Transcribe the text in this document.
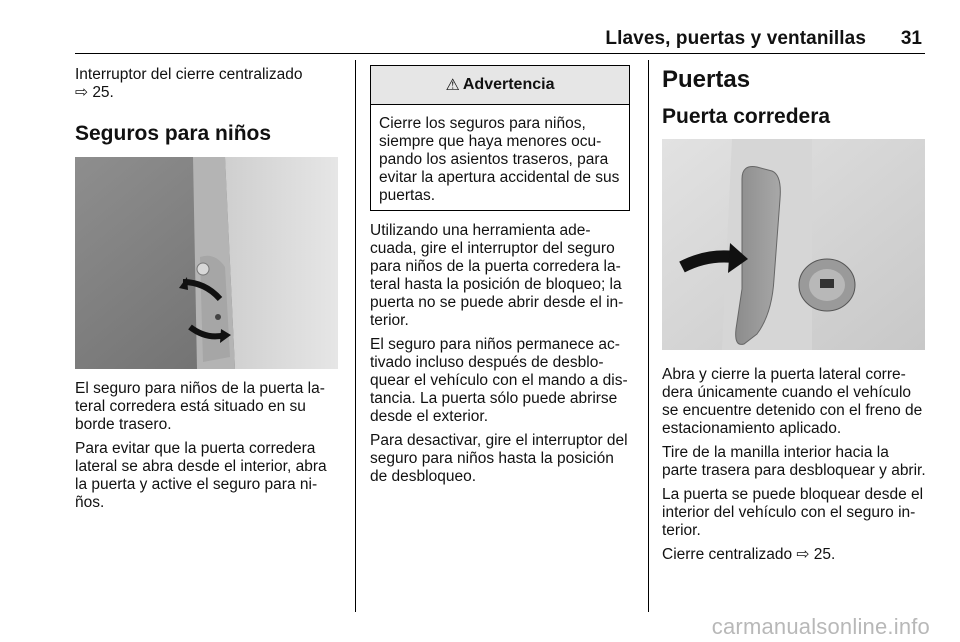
Llaves, puertas y ventanillas 31
Interruptor del cierre centralizado
⇨ 25.
Seguros para niños

El seguro para niños de la puerta la- teral corredera está situado en su borde trasero.

Para evitar que la puerta corredera lateral se abra desde el interior, abra la puerta y active el seguro para ni- ños.

⚠ Advertencia
Cierre los seguros para niños, siempre que haya menores ocu- pando los asientos traseros, para evitar la apertura accidental de sus puertas.

Utilizando una herramienta ade- cuada, gire el interruptor del seguro para niños de la puerta corredera la- teral hasta la posición de bloqueo; la puerta no se puede abrir desde el in- terior.

El seguro para niños permanece ac- tivado incluso después de desblo- quear el vehículo con el mando a dis- tancia. La puerta sólo puede abrirse desde el exterior.

Para desactivar, gire el interruptor del seguro para niños hasta la posición de desbloqueo.

Puertas
Puerta corredera

Abra y cierre la puerta lateral corre- dera únicamente cuando el vehículo se encuentre detenido con el freno de estacionamiento aplicado.

Tire de la manilla interior hacia la parte trasera para desbloquear y abrir.

La puerta se puede bloquear desde el interior del vehículo con el seguro in- terior.

Cierre centralizado ⇨ 25.

carmanualsonline.info
